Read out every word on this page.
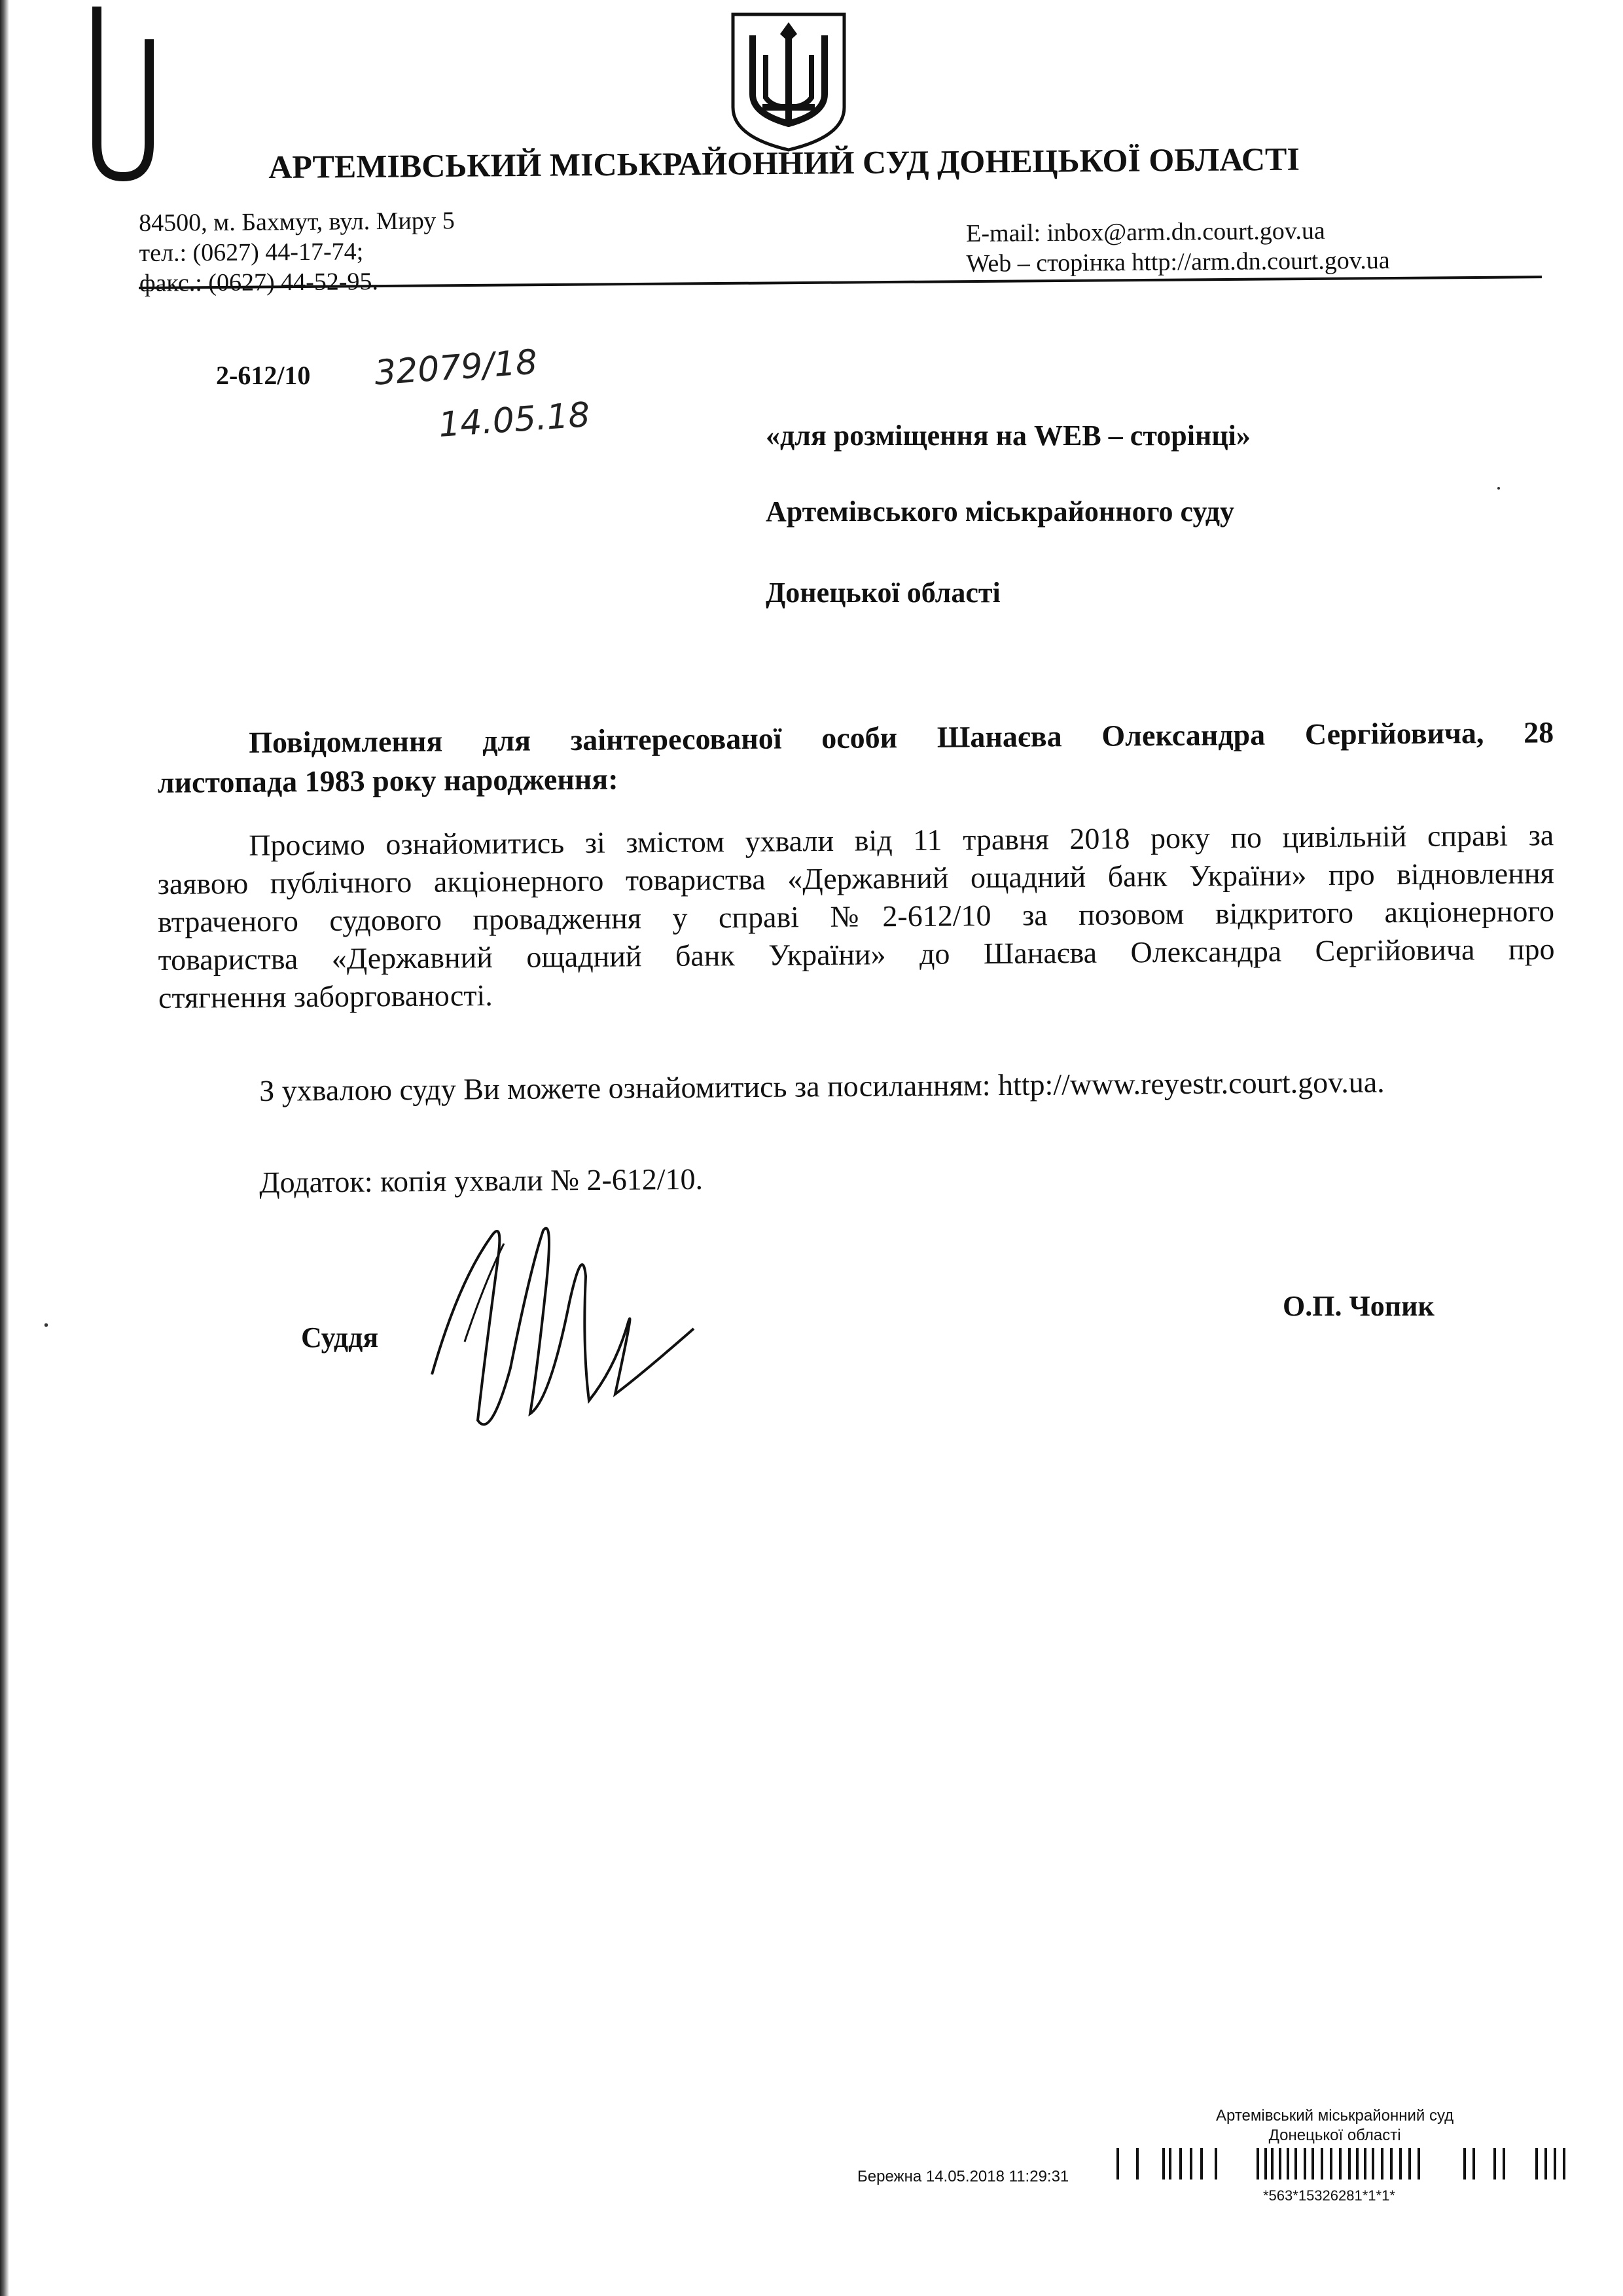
АРТЕМІВСЬКИЙ МІСЬКРАЙОННИЙ СУД ДОНЕЦЬКОЇ ОБЛАСТІ
84500, м. Бахмут, вул. Миру 5
тел.: (0627) 44-17-74;
факс.: (0627) 44-52-95.
E-mail: inbox@arm.dn.court.gov.ua
Web – сторінка http://arm.dn.court.gov.ua
2-612/10 32079/18
14.05.18	«для розміщення на WEB – сторінці»
Артемівського міськрайонного суду
Донецької області
Повідомлення для заінтересованої особи Шанаєва Олександра Сергійовича, 28
листопада 1983 року народження:
Просимо ознайомитись зі змістом ухвали від 11 травня 2018 року по цивільній справі за
заявою публічного акціонерного товариства «Державний ощадний банк України» про відновлення
втраченого судового провадження у справі №2-612/10 за позовом відкритого акціонерного
товариства «Державний ощадний банк України» до Шанаєва Олександра Сергійовича про
стягнення заборгованості.
З ухвалою суду Ви можете ознайомитись за посиланням: http://www.reyestr.court.gov.ua.
Додаток: копія ухвали № 2-612/10.
Суддя
О.П. Чопик
Артемівський міськрайонний суд
Донецької області
Бережна 14.05.2018 11:29:31
*563*15326281*1*1*
